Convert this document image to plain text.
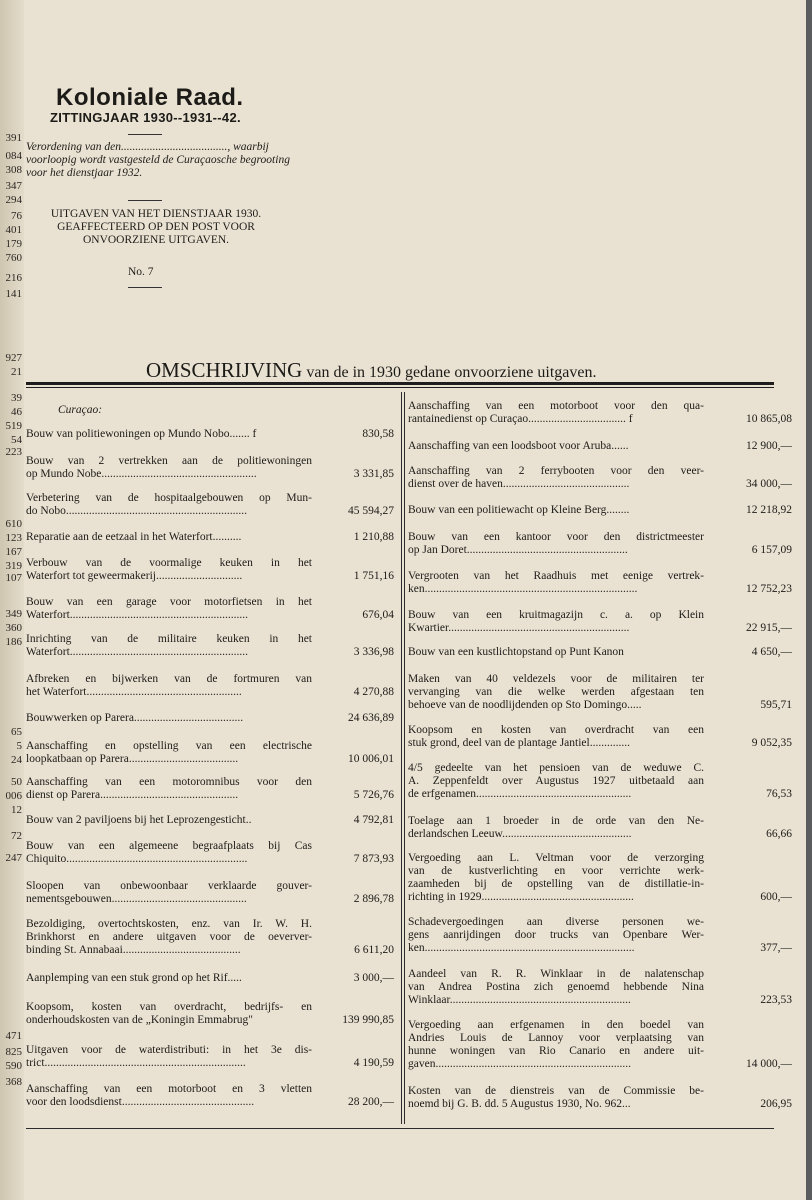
391
084
308
347
294
76
401
179
760
216
141
927
21
39
46
519
54
223
610
123
167
319
107
349
360
186
65
5
24
50
006
12
72
247
471
825
590
368
Koloniale Raad.
ZITTINGJAAR 1930--1931--42.
Verordening van den....................................., waarbij voorloopig wordt vastgesteld de Curaçaosche begrooting voor het dienstjaar 1932.
UITGAVEN VAN HET DIENSTJAAR 1930. GEAFFECTEERD OP DEN POST VOOR ONVOORZIENE UITGAVEN.
No. 7
OMSCHRIJVING van de in 1930 gedane onvoorziene uitgaven.
Curaçao:
Bouw van politiewoningen op Mundo Nobo....... f	830,58
Bouw van 2 vertrekken aan de politiewoningen
op Mundo Nobe......................................................	3 331,85
Verbetering van de hospitaalgebouwen op Mun-
do Nobo...............................................................	45 594,27
Reparatie aan de eetzaal in het Waterfort..........	1 210,88
Verbouw van de voormalige keuken in het
Waterfort tot geweermakerij..............................	1 751,16
Bouw van een garage voor motorfietsen in het
Waterfort..............................................................	676,04
Inrichting van de militaire keuken in het
Waterfort..............................................................	3 336,98
Afbreken en bijwerken van de fortmuren van
het Waterfort......................................................	4 270,88
Bouwwerken op Parera......................................	24 636,89
Aanschaffing en opstelling van een electrische
loopkatbaan op Parera......................................	10 006,01
Aanschaffing van een motoromnibus voor den
dienst op Parera................................................	5 726,76
Bouw van 2 paviljoens bij het Leprozengesticht..	4 792,81
Bouw van een algemeene begraafplaats bij Cas
Chiquito...............................................................	7 873,93
Sloopen van onbewoonbaar verklaarde gouver-
nementsgebouwen...............................................	2 896,78
Bezoldiging, overtochtskosten, enz. van Ir. W. H.
Brinkhorst en andere uitgaven voor de oeverver-
binding St. Annabaai.........................................	6 611,20
Aanplemping van een stuk grond op het Rif.....	3 000,—
Koopsom, kosten van overdracht, bedrijfs- en
onderhoudskosten van de „Koningin Emmabrug"	139 990,85
Uitgaven voor de waterdistributi: in het 3e dis-
trict......................................................................	4 190,59
Aanschaffing van een motorboot en 3 vletten
voor den loodsdienst..............................................	28 200,—
Aanschaffing van een motorboot voor den qua-
rantainedienst op Curaçao.................................. f	10 865,08
Aanschaffing van een loodsboot voor Aruba......	12 900,—
Aanschaffing van 2 ferrybooten voor den veer-
dienst over de haven............................................	34 000,—
Bouw van een politiewacht op Kleine Berg........	12 218,92
Bouw van een kantoor voor den districtmeester
op Jan Doret........................................................	6 157,09
Vergrooten van het Raadhuis met eenige vertrek-
ken..........................................................................	12 752,23
Bouw van een kruitmagazijn c. a. op Klein
Kwartier...............................................................	22 915,—
Bouw van een kustlichtopstand op Punt Kanon	4 650,—
Maken van 40 veldezels voor de militairen ter
vervanging van die welke werden afgestaan ten
behoeve van de noodlijdenden op Sto Domingo.....	595,71
Koopsom en kosten van overdracht van een
stuk grond, deel van de plantage Jantiel..............	9 052,35
4/5 gedeelte van het pensioen van de weduwe C.
A. Zeppenfeldt over Augustus 1927 uitbetaald aan
de erfgenamen......................................................	76,53
Toelage aan 1 broeder in de orde van den Ne-
derlandschen Leeuw.............................................	66,66
Vergoeding aan L. Veltman voor de verzorging
van de kustverlichting en voor verrichte werk-
zaamheden bij de opstelling van de distillatie-in-
richting in 1929.....................................................	600,—
Schadevergoedingen aan diverse personen we-
gens aanrijdingen door trucks van Openbare Wer-
ken.........................................................................	377,—
Aandeel van R. R. Winklaar in de nalatenschap
van Andrea Postina zich genoemd hebbende Nina
Winklaar...............................................................	223,53
Vergoeding aan erfgenamen in den boedel van
Andries Louis de Lannoy voor verplaatsing van
hunne woningen van Rio Canario en andere uit-
gaven....................................................................	14 000,—
Kosten van de dienstreis van de Commissie be-
noemd bij G. B. dd. 5 Augustus 1930, No. 962...	206,95
